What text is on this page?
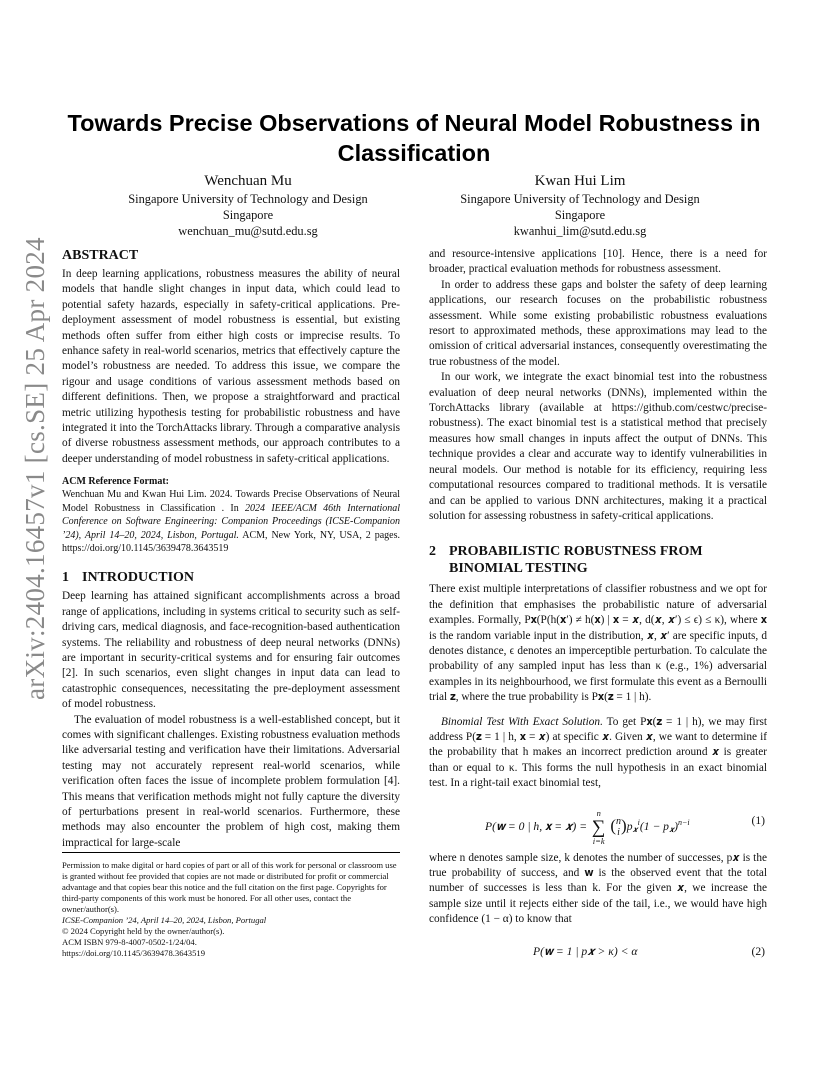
arXiv:2404.16457v1 [cs.SE] 25 Apr 2024
Towards Precise Observations of Neural Model Robustness in Classification
Wenchuan Mu
Singapore University of Technology and Design
Singapore
wenchuan_mu@sutd.edu.sg
Kwan Hui Lim
Singapore University of Technology and Design
Singapore
kwanhui_lim@sutd.edu.sg
ABSTRACT

In deep learning applications, robustness measures the ability of neural models that handle slight changes in input data, which could lead to potential safety hazards, especially in safety-critical applications. Pre-deployment assessment of model robustness is essential, but existing methods often suffer from either high costs or imprecise results. To enhance safety in real-world scenarios, metrics that effectively capture the model’s robustness are needed. To address this issue, we compare the rigour and usage conditions of various assessment methods based on different definitions. Then, we propose a straightforward and practical metric utilizing hypothesis testing for probabilistic robustness and have integrated it into the TorchAttacks library. Through a comparative analysis of diverse robustness assessment methods, our approach contributes to a deeper understanding of model robustness in safety-critical applications.

ACM Reference Format:
Wenchuan Mu and Kwan Hui Lim. 2024. Towards Precise Observations of Neural Model Robustness in Classification . In 2024 IEEE/ACM 46th International Conference on Software Engineering: Companion Proceedings (ICSE-Companion ’24), April 14–20, 2024, Lisbon, Portugal. ACM, New York, NY, USA, 2 pages. https://doi.org/10.1145/3639478.3643519
1 INTRODUCTION

Deep learning has attained significant accomplishments across a broad range of applications, including in systems critical to security such as self-driving cars, medical diagnosis, and face-recognition-based authentication systems. The reliability and robustness of deep neural networks (DNNs) are important in security-critical systems and for ensuring fair outcomes [2]. In such scenarios, even slight changes in input data can lead to catastrophic consequences, necessitating the pre-deployment assessment of model robustness.

The evaluation of model robustness is a well-established concept, but it comes with significant challenges. Existing robustness evaluation methods like adversarial testing and verification have their limitations. Adversarial testing may not accurately represent real-world scenarios, while verification often faces the issue of incomplete problem formulation [4]. This means that verification methods might not fully capture the diversity of perturbations present in real-world scenarios. Furthermore, these methods may also encounter the problem of high cost, making them impractical for large-scale

Permission to make digital or hard copies of part or all of this work for personal or classroom use is granted without fee provided that copies are not made or distributed for profit or commercial advantage and that copies bear this notice and the full citation on the first page. Copyrights for third-party components of this work must be honored. For all other uses, contact the owner/author(s).

ICSE-Companion ’24, April 14–20, 2024, Lisbon, Portugal

© 2024 Copyright held by the owner/author(s).

ACM ISBN 979-8-4007-0502-1/24/04.

https://doi.org/10.1145/3639478.3643519

and resource-intensive applications [10]. Hence, there is a need for broader, practical evaluation methods for robustness assessment.

In order to address these gaps and bolster the safety of deep learning applications, our research focuses on the probabilistic robustness assessment. While some existing probabilistic robustness evaluations resort to approximated methods, these approximations may lead to the omission of critical adversarial instances, consequently overestimating the true robustness of the model.

In our work, we integrate the exact binomial test into the robustness evaluation of deep neural networks (DNNs), implemented within the TorchAttacks library (available at https://github.com/cestwc/precise-robustness). The exact binomial test is a statistical method that precisely measures how small changes in inputs affect the output of DNNs. This technique provides a clear and accurate way to identify vulnerabilities in neural models. Our method is notable for its efficiency, requiring less computational resources compared to traditional methods. It is versatile and can be applied to various DNN architectures, making it a practical solution for assessing robustness in safety-critical applications.

2 PROBABILISTIC ROBUSTNESS FROM
BINOMIAL TESTING

There exist multiple interpretations of classifier robustness and we opt for the definition that emphasises the probabilistic nature of adversarial examples. Formally, P𝐱(P(h(𝐱′) ≠ h(𝐱) | 𝐱 = 𝒙, d(𝒙, 𝒙′) ≤ ϵ) ≤ κ), where 𝐱 is the random variable input in the distribution, 𝒙, 𝒙′ are specific inputs, d denotes distance, ϵ denotes an imperceptible perturbation. To calculate the probability of any sampled input has less than κ (e.g., 1%) adversarial examples in its neighbourhood, we first formulate this event as a Bernoulli trial 𝐳, where the true probability is P𝐱(𝐳 = 1 | h).

Binomial Test With Exact Solution. To get P𝐱(𝐳 = 1 | h), we may first address P(𝐳 = 1 | h, 𝐱 = 𝒙) at specific 𝒙. Given 𝒙, we want to determine if the probability that h makes an incorrect prediction around 𝒙 is greater than or equal to κ. This forms the null hypothesis in an exact binomial test. In a right-tail exact binomial test,

P(𝐰 = 0 | h, 𝐱 = 𝒙) =
n
∑
i=k
( n
i )$p_𝒙^i(1 - p_𝒙)^{n-i}$	(1)

where n denotes sample size, k denotes the number of successes, p𝒙 is the true probability of success, and 𝐰 is the observed event that the total number of successes is less than k. For the given 𝒙, we increase the sample size until it rejects either side of the tail, i.e., we would have high confidence (1 − α) to know that

P(𝐰 = 1 | p𝒙 > κ) < α	(2)
